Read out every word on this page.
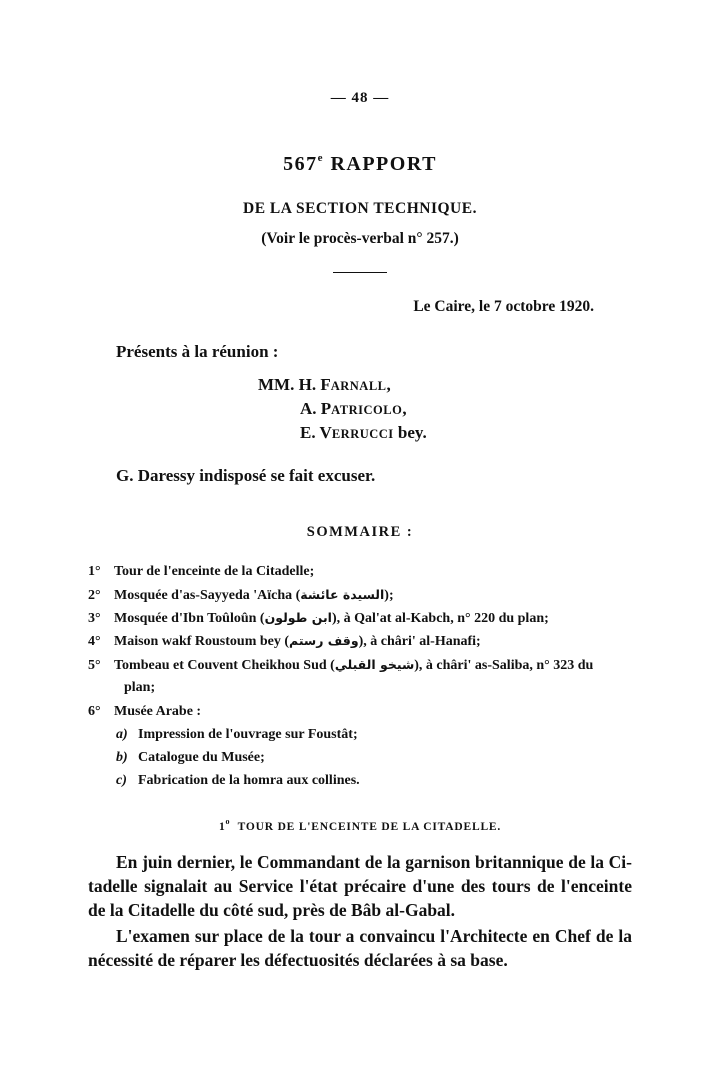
— 48 —
567e RAPPORT
DE LA SECTION TECHNIQUE.
(Voir le procès-verbal n° 257.)
Le Caire, le 7 octobre 1920.
Présents à la réunion :
MM. H. FARNALL,
A. PATRICOLO,
E. VERRUCCI bey.
G. Daressy indisposé se fait excuser.
SOMMAIRE :
1° Tour de l'enceinte de la Citadelle;
2° Mosquée d'as-Sayyeda 'Aïcha (السيدة عائشة);
3° Mosquée d'Ibn Toûloûn (ابن طولون), à Qal'at al-Kabch, n° 220 du plan;
4° Maison wakf Roustoum bey (وقف رستم), à châri' al-Hanafi;
5° Tombeau et Couvent Cheikhou Sud (شيخو القبلي), à châri' as-Saliba, n° 323 du
plan;
6° Musée Arabe :
a) Impression de l'ouvrage sur Foustât;
b) Catalogue du Musée;
c) Fabrication de la homra aux collines.
1$^o$ TOUR DE L'ENCEINTE DE LA CITADELLE.
En juin dernier, le Commandant de la garnison britannique de la Ci-
tadelle signalait au Service l'état précaire d'une des tours de l'enceinte
de la Citadelle du côté sud, près de Bâb al-Gabal.
L'examen sur place de la tour a convaincu l'Architecte en Chef de la
nécessité de réparer les défectuosités déclarées à sa base.
